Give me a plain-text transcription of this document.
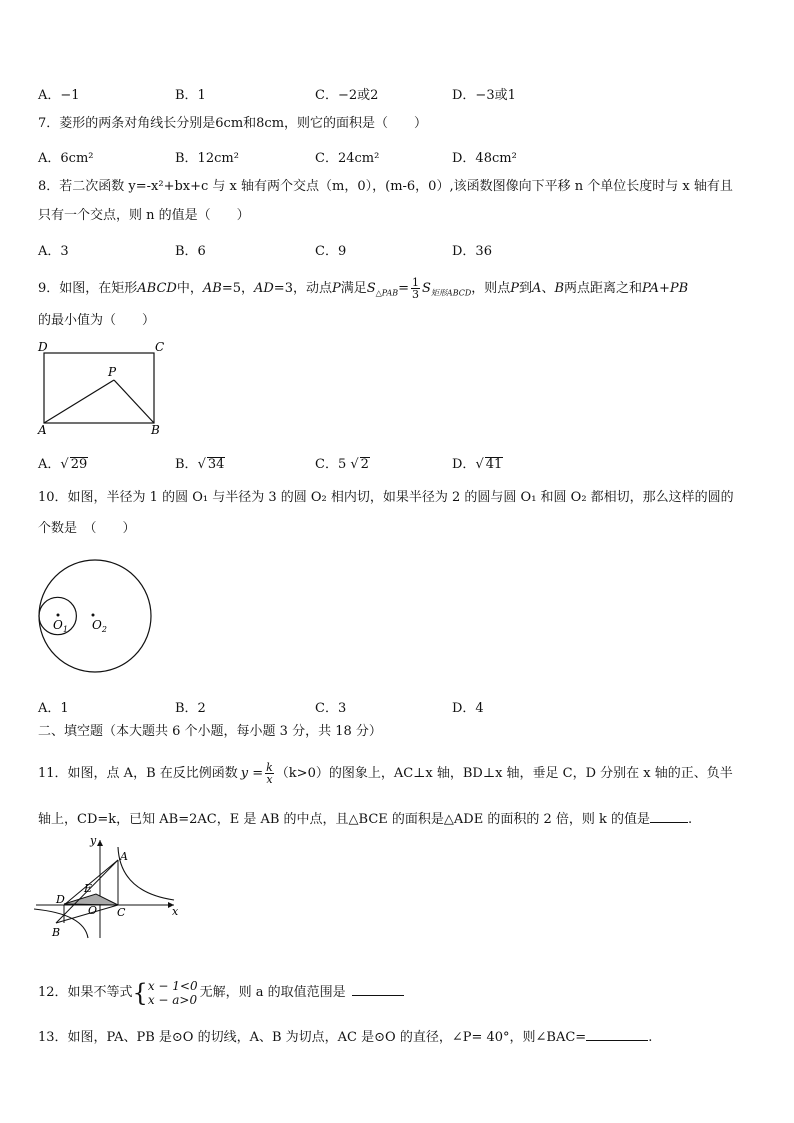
A．−1	B．1	C．−2或2	D．−3或1
7．菱形的两条对角线长分别是6cm和8cm，则它的面积是（　　）
A．6cm²	B．12cm²	C．24cm²	D．48cm²
8．若二次函数 y=-x²+bx+c 与 x 轴有两个交点（m，0），(m-6，0）,该函数图像向下平移 n 个单位长度时与 x 轴有且
只有一个交点，则 n 的值是（　　）
A．3	B．6	C．9	D．36
9．如图，在矩形ABCD中，AB=5，AD=3，动点P满足$S_{\triangle PAB}= \frac{1}{3} S_{矩形ABCD}$，则点P到A、B两点距离之和PA+PB
的最小值为（　　）
D	C
P
A	B
A．√ 29	B．√ 34	C．5 √ 2	D．√ 41
10．如图，半径为 1 的圆 O₁ 与半径为 3 的圆 O₂ 相内切，如果半径为 2 的圆与圆 O₁ 和圆 O₂ 都相切，那么这样的圆的
个数是　（　　）
$O_1$ $O_2$
A．1	B．2	C．3	D．4
二、填空题（本大题共 6 个小题，每小题 3 分，共 18 分）
11．如图，点 A，B 在反比例函数 $y = \frac{k}{x} (k>0)$的图象上，AC⊥x 轴，BD⊥x 轴，垂足 C，D 分别在 x 轴的正、负半
轴上，CD=k，已知 AB=2AC，E 是 AB 的中点，且△BCE 的面积是△ADE 的面积的 2 倍，则 k 的值是	.
y
x
A
B
C
D
E
O
12．如果不等式{ x − 1<0
x − a>0 无解，则 a 的取值范围是
13．如图，PA、PB 是⊙O 的切线，A、B 为切点，AC 是⊙O 的直径，∠P= 40°，则∠BAC=	.
